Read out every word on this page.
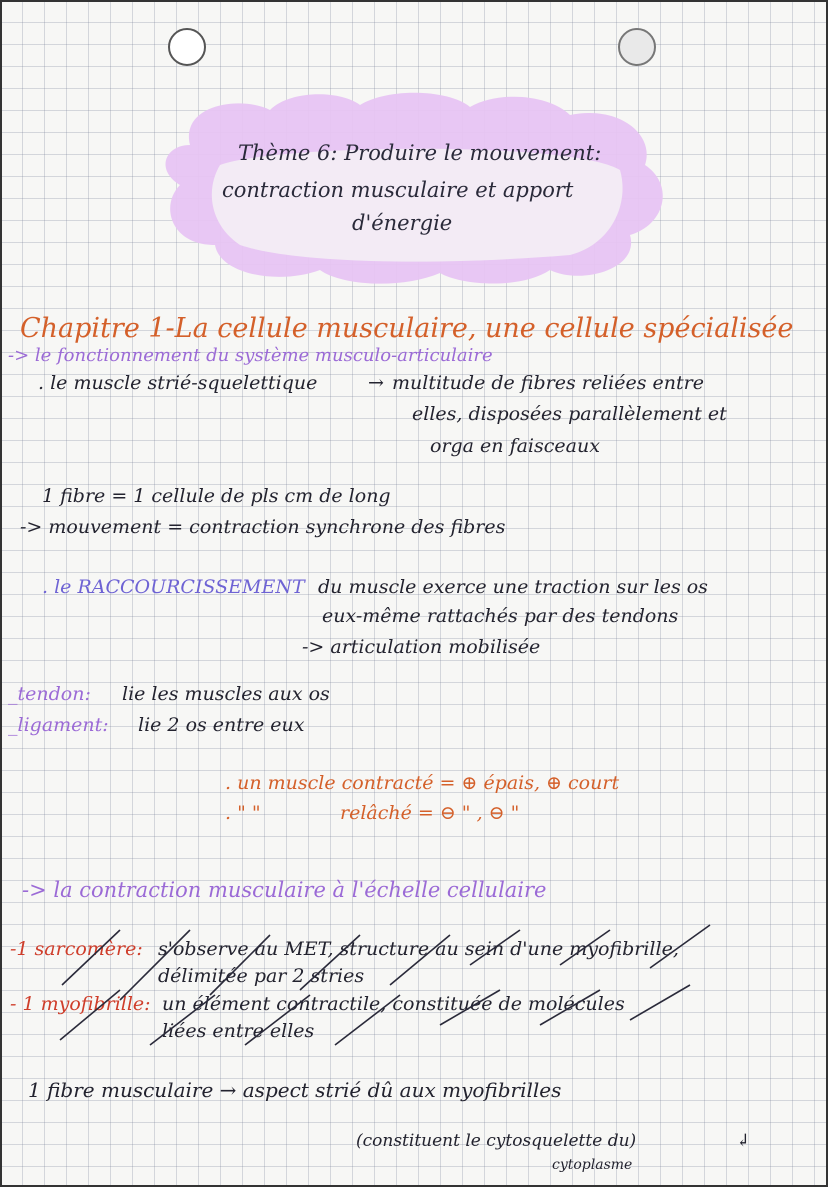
Thème 6: Produire le mouvement:
contraction musculaire et apport
d'énergie
Chapitre 1-La cellule musculaire, une cellule spécialisée
-> le fonctionnement du système musculo-articulaire
. le muscle strié-squelettique	→ multitude de fibres reliées entre
elles, disposées parallèlement et
orga en faisceaux
1 fibre = 1 cellule de pls cm de long
-> mouvement = contraction synchrone des fibres
. le RACCOURCISSEMENT du muscle exerce une traction sur les os
eux-même rattachés par des tendons
-> articulation mobilisée
_tendon: lie les muscles aux os
_ligament: lie 2 os entre eux
. un muscle contracté = ⊕ épais, ⊕ court
. " "	relâché = ⊖ " , ⊖ "
-> la contraction musculaire à l'échelle cellulaire
-1 sarcomère: s'observe au MET, structure au sein d'une myofibrille,
délimitée par 2 stries
- 1 myofibrille: un élément contractile, constituée de molécules
liées entre elles
1 fibre musculaire → aspect strié dû aux myofibrilles
(constituent le cytosquelette du)	↲
cytoplasme
